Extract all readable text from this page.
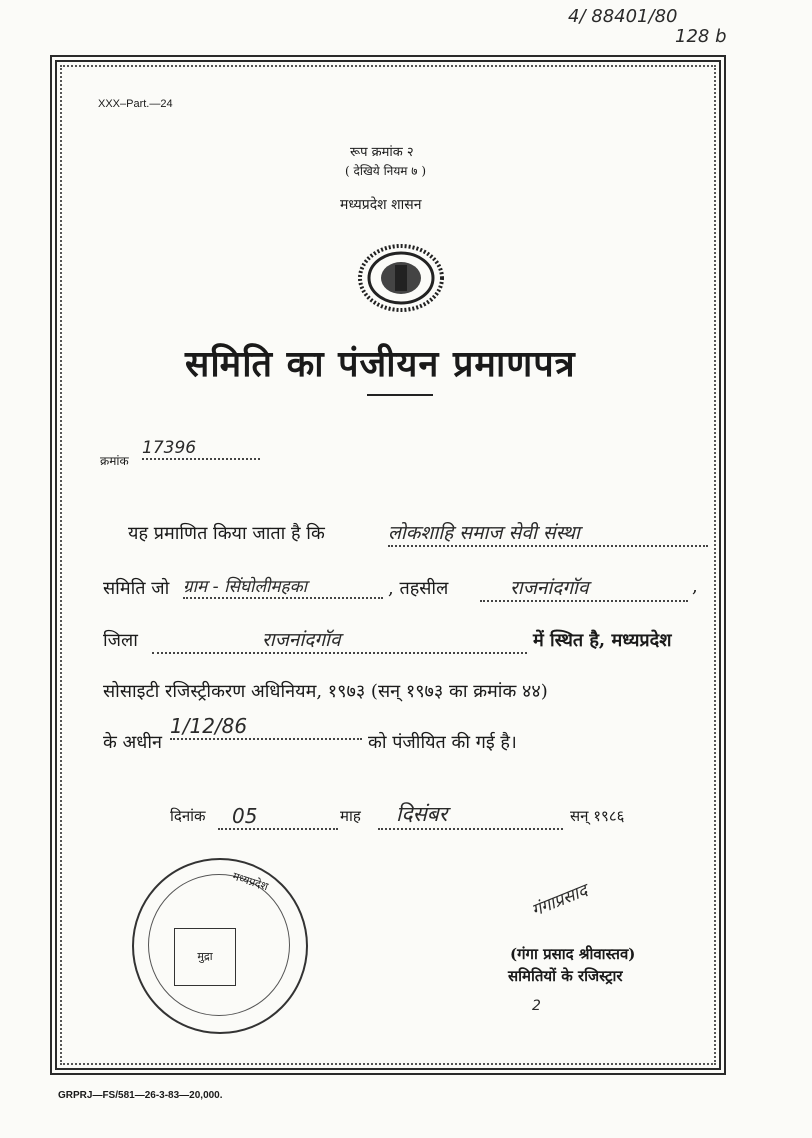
4/ 88401/80
128 b
XXX–Part.—24
रूप क्रमांक २
( देखिये नियम ७ )
मध्यप्रदेश शासन
समिति का पंजीयन प्रमाणपत्र
क्रमांक
17396
यह प्रमाणित किया जाता है कि	लोकशाहि समाज सेवी संस्था
समिति जो ग्राम - सिंघोलीमहका	, तहसील	राजनांदगॉव	,
जिला	राजनांदगॉव	में स्थित है, मध्यप्रदेश
सोसाइटी रजिस्ट्रीकरण अधिनियम, १९७३ (सन् १९७३ का क्रमांक ४४)
के अधीन
1/12/86
को पंजीयित की गई है।
दिनांक	05	माह	दिसंबर	सन् १९८६
मध्यप्रदेश
मुद्रा
गंगाप्रसाद
(गंगा प्रसाद श्रीवास्तव)
समितियों के रजिस्ट्रार
2
GRPRJ—FS/581—26-3-83—20,000.
